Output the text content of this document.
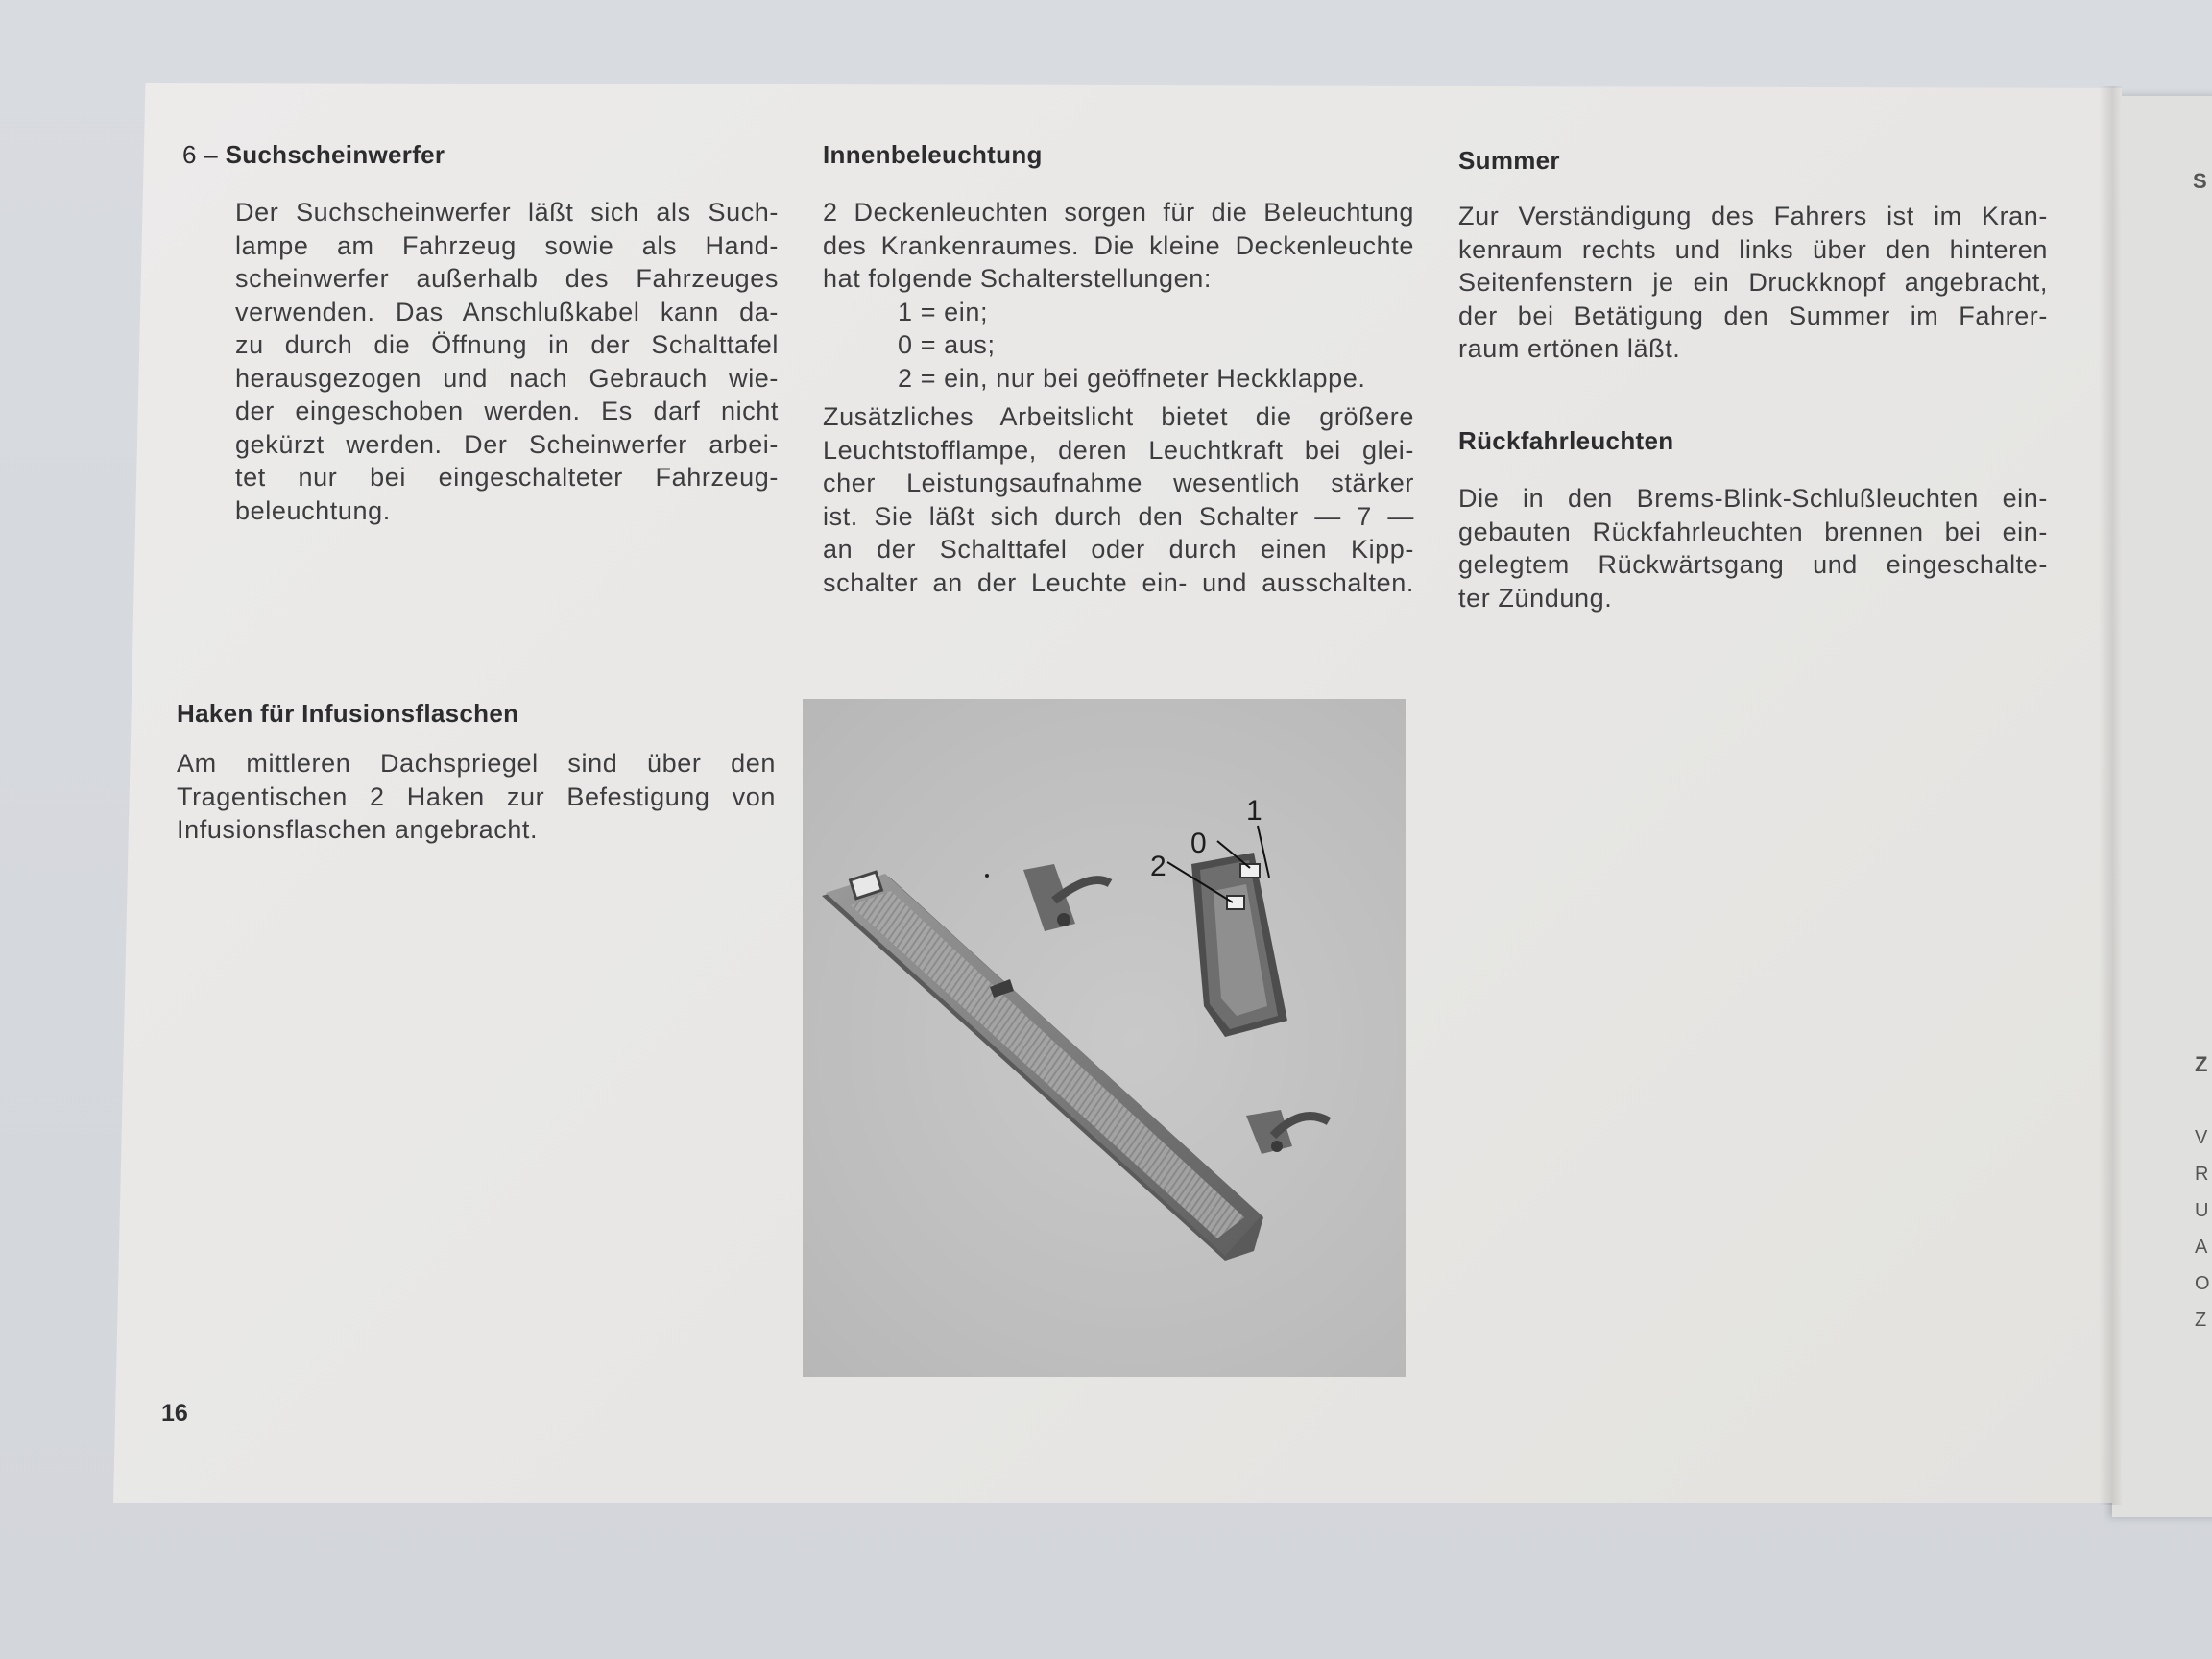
S
Z
V
R
U
A
O
Z
6 – Suchscheinwerfer
Der Suchscheinwerfer läßt sich als Such-
lampe am Fahrzeug sowie als Hand-
scheinwerfer außerhalb des Fahrzeuges
verwenden. Das Anschlußkabel kann da-
zu durch die Öffnung in der Schalttafel
herausgezogen und nach Gebrauch wie-
der eingeschoben werden. Es darf nicht
gekürzt werden. Der Scheinwerfer arbei-
tet nur bei eingeschalteter Fahrzeug-
beleuchtung.
Haken für Infusionsflaschen
Am mittleren Dachspriegel sind über den
Tragentischen 2 Haken zur Befestigung von
Infusionsflaschen angebracht.
16
Innenbeleuchtung
2 Deckenleuchten sorgen für die Beleuchtung
des Krankenraumes. Die kleine Deckenleuchte
hat folgende Schalterstellungen:
1 = ein;
0 = aus;
2 = ein, nur bei geöffneter Heckklappe.
Zusätzliches Arbeitslicht bietet die größere
Leuchtstofflampe, deren Leuchtkraft bei glei-
cher Leistungsaufnahme wesentlich stärker
ist. Sie läßt sich durch den Schalter — 7 —
an der Schalttafel oder durch einen Kipp-
schalter an der Leuchte ein- und ausschalten.
1
0
2
Summer
Zur Verständigung des Fahrers ist im Kran-
kenraum rechts und links über den hinteren
Seitenfenstern je ein Druckknopf angebracht,
der bei Betätigung den Summer im Fahrer-
raum ertönen läßt.
Rückfahrleuchten
Die in den Brems-Blink-Schlußleuchten ein-
gebauten Rückfahrleuchten brennen bei ein-
gelegtem Rückwärtsgang und eingeschalte-
ter Zündung.
